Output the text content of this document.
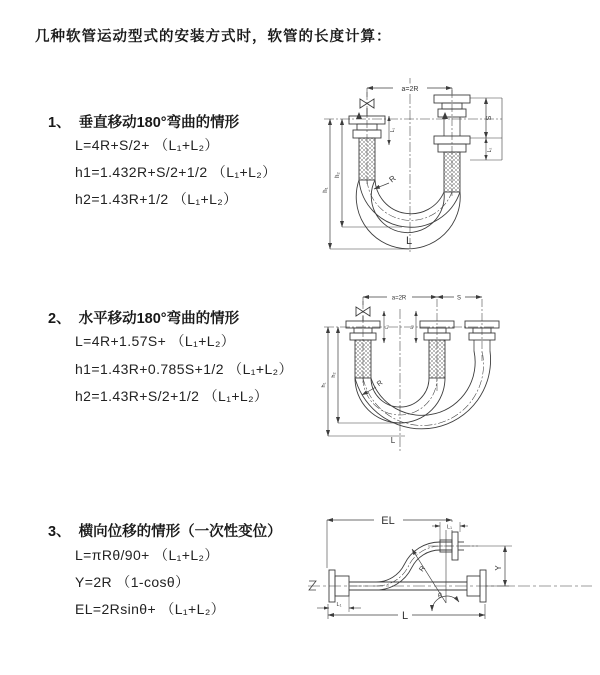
几种软管运动型式的安装方式时，软管的长度计算：
1、 垂直移动180°弯曲的情形
L=4R+S/2+ （L₁+L₂）
h1=1.432R+S/2+1/2 （L₁+L₂）
h2=1.43R+1/2 （L₁+L₂）
2、 水平移动180°弯曲的情形
L=4R+1.57S+ （L₁+L₂）
h1=1.43R+0.785S+1/2 （L₁+L₂）
h2=1.43R+S/2+1/2 （L₁+L₂）
3、 横向位移的情形（一次性变位）
L=πRθ/90+ （L₁+L₂）
Y=2R （1-cosθ）
EL=2Rsinθ+ （L₁+L₂）
a=2R
h₁
h₂
L₁
S
L₂
R
L
a=2R	S
h₁
h₂
L₁	L₂
R
L
R
θ
EL
L₁
Y
L
L₁
